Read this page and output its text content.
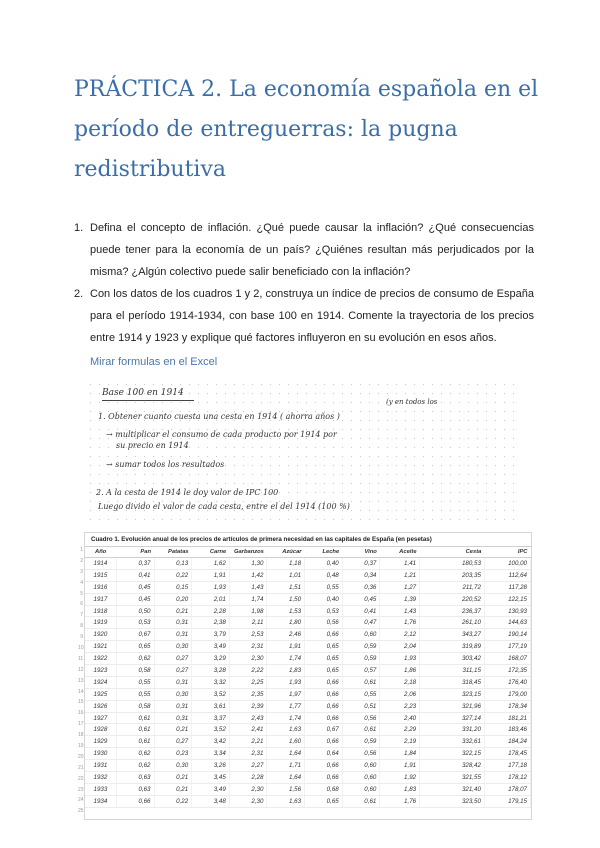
PRÁCTICA 2. La economía española en el período de entreguerras: la pugna redistributiva
1. Defina el concepto de inflación. ¿Qué puede causar la inflación? ¿Qué consecuencias puede tener para la economía de un país? ¿Quiénes resultan más perjudicados por la misma? ¿Algún colectivo puede salir beneficiado con la inflación?
2. Con los datos de los cuadros 1 y 2, construya un índice de precios de consumo de España para el período 1914-1934, con base 100 en 1914. Comente la trayectoria de los precios entre 1914 y 1923 y explique qué factores influyeron en su evolución en esos años.
Mirar formulas en el Excel
Base 100 en 1914
(y en todos los
1. Obtener cuanto cuesta una cesta en 1914 ( ahorra años )
→ multiplicar el consumo de cada producto por 1914 por
su precio en 1914
→ sumar todos los resultados
2. A la cesta de 1914 le doy valor de IPC 100
Luego divido el valor de cada cesta, entre el del 1914 (100 %)
1
2
3
4
5
6
7
8
9
10
11
12
13
14
15
16
17
18
19
20
21
22
23
24
25
Cuadro 1. Evolución anual de los precios de artículos de primera necesidad en las capitales de España (en pesetas)
Año	Pan	Patatas	Carne	Garbanzos	Azúcar	Leche	Vino	Aceite	Cesta	IPC
1914	0,37	0,13	1,62	1,30	1,18	0,40	0,37	1,41	180,53	100,00
1915	0,41	0,22	1,91	1,42	1,01	0,48	0,34	1,21	203,35	112,64
1916	0,45	0,15	1,93	1,43	1,51	0,55	0,36	1,27	211,72	117,28
1917	0,45	0,20	2,01	1,74	1,50	0,40	0,45	1,39	220,52	122,15
1918	0,50	0,21	2,28	1,98	1,53	0,53	0,41	1,43	236,37	130,93
1919	0,53	0,31	2,38	2,11	1,80	0,56	0,47	1,76	261,10	144,63
1920	0,67	0,31	3,79	2,53	2,46	0,66	0,60	2,12	343,27	190,14
1921	0,65	0,30	3,49	2,31	1,91	0,65	0,59	2,04	319,89	177,19
1922	0,62	0,27	3,29	2,30	1,74	0,65	0,59	1,93	303,42	168,07
1923	0,58	0,27	3,28	2,22	1,83	0,65	0,57	1,86	311,15	172,35
1924	0,55	0,31	3,32	2,25	1,93	0,66	0,61	2,18	318,45	176,40
1925	0,55	0,30	3,52	2,35	1,97	0,66	0,55	2,06	323,15	179,00
1926	0,58	0,31	3,61	2,39	1,77	0,66	0,51	2,23	321,96	178,34
1927	0,61	0,31	3,37	2,43	1,74	0,66	0,56	2,40	327,14	181,21
1928	0,61	0,21	3,52	2,41	1,63	0,67	0,61	2,29	331,20	183,46
1929	0,61	0,27	3,42	2,21	1,60	0,66	0,59	2,19	332,61	184,24
1930	0,62	0,23	3,34	2,31	1,64	0,64	0,56	1,84	322,15	178,45
1931	0,62	0,30	3,26	2,27	1,71	0,66	0,60	1,91	328,42	177,18
1932	0,63	0,21	3,45	2,28	1,64	0,66	0,60	1,92	321,55	178,12
1933	0,63	0,21	3,49	2,30	1,56	0,68	0,60	1,83	321,40	178,07
1934	0,66	0,22	3,48	2,30	1,63	0,65	0,61	1,76	323,50	179,15
